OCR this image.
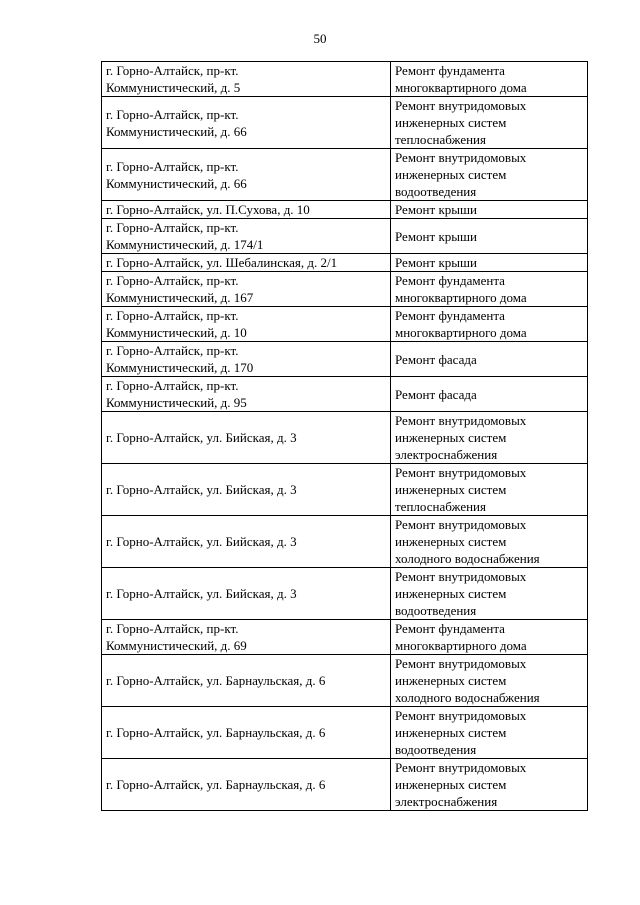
50
г. Горно-Алтайск, пр-кт.
Коммунистический, д. 5	Ремонт фундамента
многоквартирного дома

г. Горно-Алтайск, пр-кт.
Коммунистический, д. 66	Ремонт внутридомовых
инженерных систем
теплоснабжения

г. Горно-Алтайск, пр-кт.
Коммунистический, д. 66	Ремонт внутридомовых
инженерных систем
водоотведения

г. Горно-Алтайск, ул. П.Сухова, д. 10	Ремонт крыши

г. Горно-Алтайск, пр-кт.
Коммунистический, д. 174/1	Ремонт крыши

г. Горно-Алтайск, ул. Шебалинская, д. 2/1	Ремонт крыши

г. Горно-Алтайск, пр-кт.
Коммунистический, д. 167	Ремонт фундамента
многоквартирного дома

г. Горно-Алтайск, пр-кт.
Коммунистический, д. 10	Ремонт фундамента
многоквартирного дома

г. Горно-Алтайск, пр-кт.
Коммунистический, д. 170	Ремонт фасада

г. Горно-Алтайск, пр-кт.
Коммунистический, д. 95	Ремонт фасада

г. Горно-Алтайск, ул. Бийская, д. 3	Ремонт внутридомовых
инженерных систем
электроснабжения

г. Горно-Алтайск, ул. Бийская, д. 3	Ремонт внутридомовых
инженерных систем
теплоснабжения

г. Горно-Алтайск, ул. Бийская, д. 3	Ремонт внутридомовых
инженерных систем
холодного водоснабжения

г. Горно-Алтайск, ул. Бийская, д. 3	Ремонт внутридомовых
инженерных систем
водоотведения

г. Горно-Алтайск, пр-кт.
Коммунистический, д. 69	Ремонт фундамента
многоквартирного дома

г. Горно-Алтайск, ул. Барнаульская, д. 6	Ремонт внутридомовых
инженерных систем
холодного водоснабжения

г. Горно-Алтайск, ул. Барнаульская, д. 6	Ремонт внутридомовых
инженерных систем
водоотведения

г. Горно-Алтайск, ул. Барнаульская, д. 6	Ремонт внутридомовых
инженерных систем
электроснабжения
